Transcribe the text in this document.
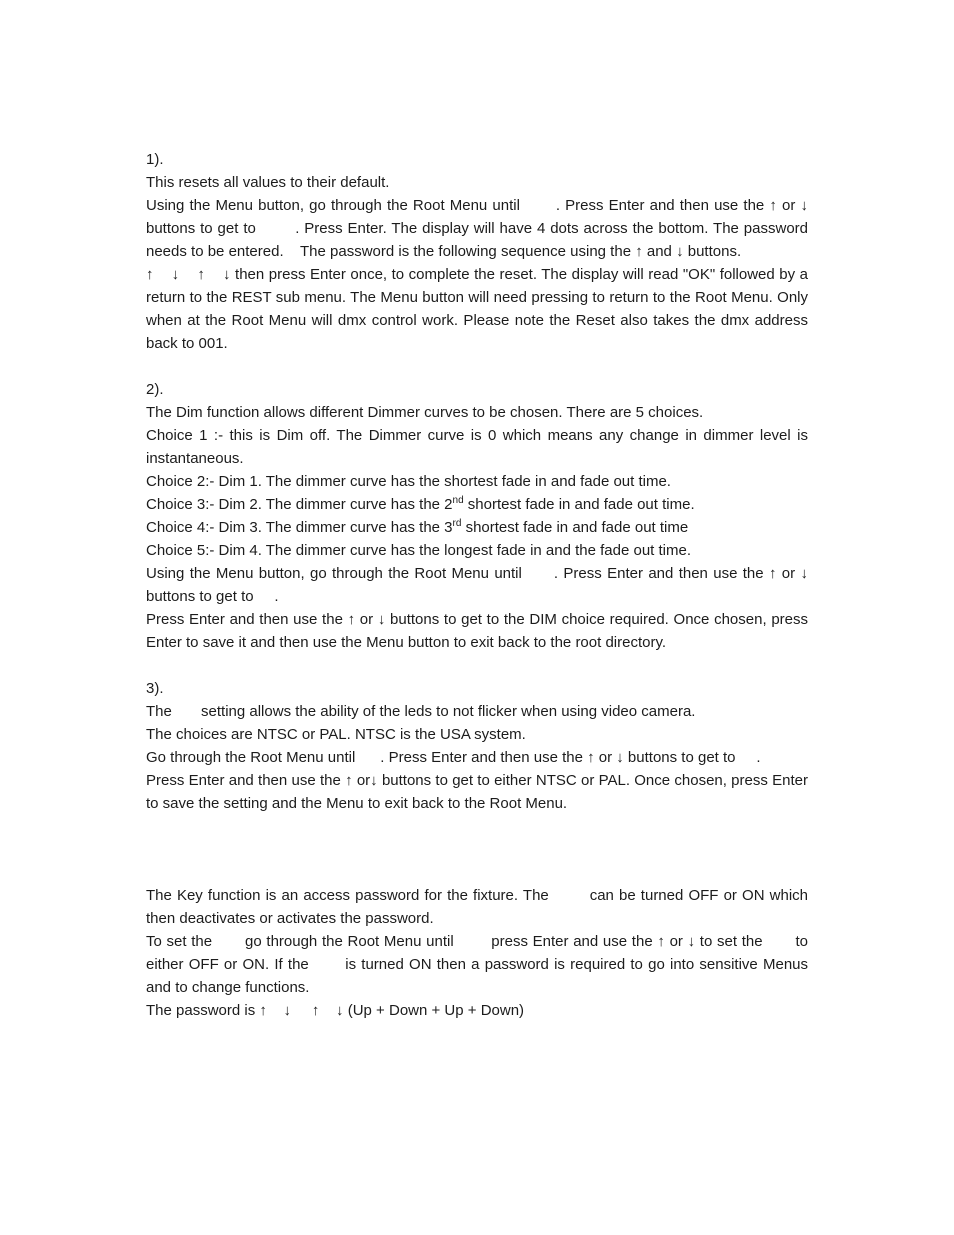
1).

This resets all values to their default.

Using the Menu button, go through the Root Menu until       . Press Enter and then use the ↑ or ↓ buttons to get to        . Press Enter. The display will have 4 dots across the bottom. The password needs to be entered.    The password is the following sequence using the ↑ and ↓ buttons.

↑    ↓    ↑    ↓ then press Enter once, to complete the reset. The display will read "OK" followed by a return to the REST sub menu. The Menu button will need pressing to return to the Root Menu. Only when at the Root Menu will dmx control work. Please note the Reset also takes the dmx address back to 001.

2).

The Dim function allows different Dimmer curves to be chosen. There are 5 choices.

Choice 1 :- this is Dim off. The Dimmer curve is 0 which means any change in dimmer level is instantaneous.

Choice 2:- Dim 1. The dimmer curve has the shortest fade in and fade out time.

Choice 3:- Dim 2. The dimmer curve has the 2nd shortest fade in and fade out time.

Choice 4:- Dim 3. The dimmer curve has the 3rd shortest fade in and fade out time

Choice 5:- Dim 4. The dimmer curve has the longest fade in and the fade out time.

Using the Menu button, go through the Root Menu until      . Press Enter and then use the ↑ or ↓ buttons to get to     .

Press Enter and then use the ↑ or ↓ buttons to get to the DIM choice required. Once chosen, press Enter to save it and then use the Menu button to exit back to the root directory.

3).

The       setting allows the ability of the leds to not flicker when using video camera.

The choices are NTSC or PAL. NTSC is the USA system.

Go through the Root Menu until      . Press Enter and then use the ↑ or ↓ buttons to get to     .

Press Enter and then use the ↑ or↓ buttons to get to either NTSC or PAL. Once chosen, press Enter to save the setting and the Menu to exit back to the Root Menu.

The Key function is an access password for the fixture. The        can be turned OFF or ON which then deactivates or activates the password.

To set the       go through the Root Menu until        press Enter and use the ↑ or ↓ to set the       to either OFF or ON. If the       is turned ON then a password is required to go into sensitive Menus and to change functions.

The password is ↑    ↓     ↑    ↓ (Up + Down + Up + Down)
